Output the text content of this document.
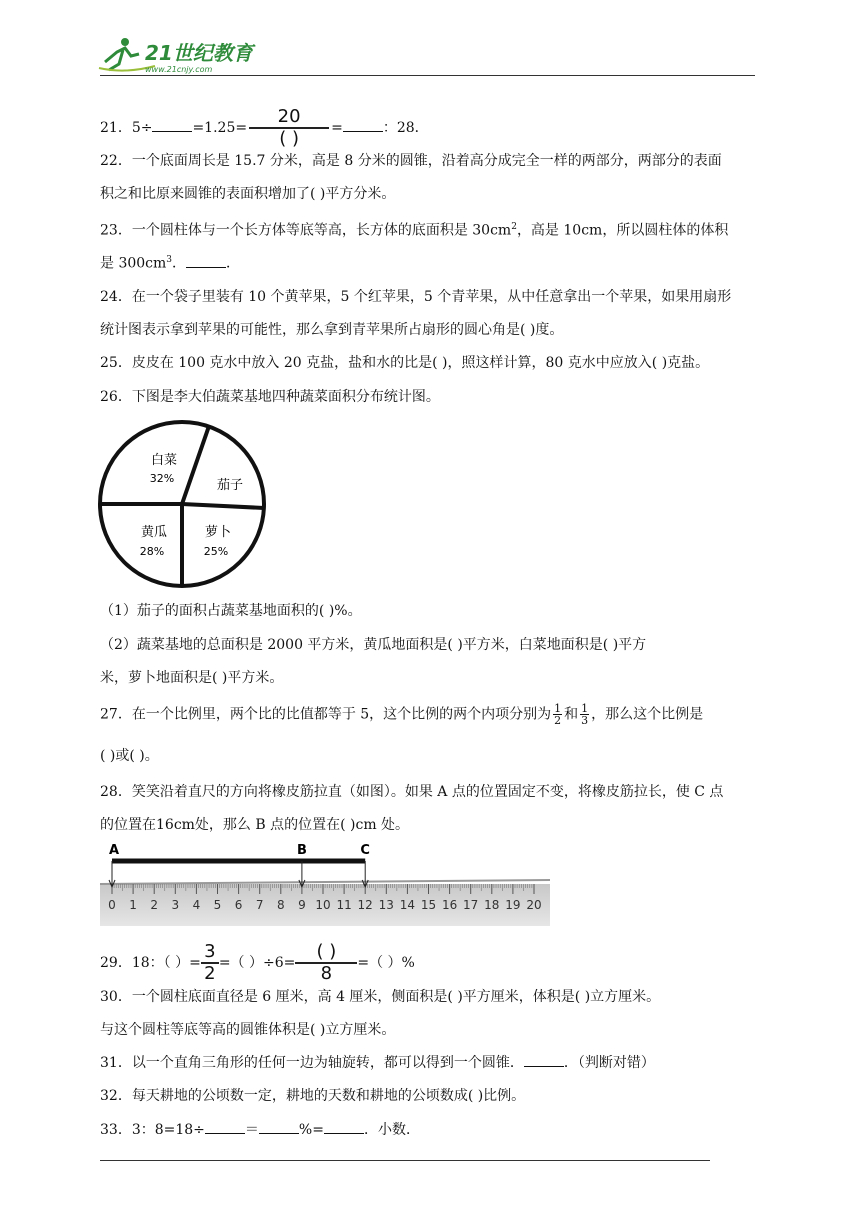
21世纪教育
www.21cnjy.com
21．5÷	$=1.25= \frac{20}{( )}$ =	：28．
22．一个底面周长是 15.7 分米，高是 8 分米的圆锥，沿着高分成完全一样的两部分，两部分的表面
积之和比原来圆锥的表面积增加了( )平方分米。
23．一个圆柱体与一个长方体等底等高，长方体的底面积是 $30cm^2$，高是 10cm，所以圆柱体的体积
是 $300cm^3$．	．
24．在一个袋子里装有 10 个黄苹果，5 个红苹果，5 个青苹果，从中任意拿出一个苹果，如果用扇形
统计图表示拿到苹果的可能性，那么拿到青苹果所占扇形的圆心角是( )度。
25．皮皮在 100 克水中放入 20 克盐，盐和水的比是( )，照这样计算，80 克水中应放入( )克盐。
26．下图是李大伯蔬菜基地四种蔬菜面积分布统计图。
白菜
32%	茄子
萝卜
25%
黄瓜
28%
（1）茄子的面积占蔬菜基地面积的( )%。
（2）蔬菜基地的总面积是 2000 平方米，黄瓜地面积是( )平方米，白菜地面积是( )平方
米，萝卜地面积是( )平方米。
27．在一个比例里，两个比的比值都等于 5，这个比例的两个内项分别为 $\frac{1}{2}$ 和 $\frac{1}{3}$ ，那么这个比例是
( )或( )。
28．笑笑沿着直尺的方向将橡皮筋拉直（如图）。如果 A 点的位置固定不变，将橡皮筋拉长，使 C 点
的位置在16cm处，那么 B 点的位置在( )cm 处。
0 1 2 3 4 5 6 7 8 9 10 11 12 13 14 15 16 17 18 19 20
A	B	C
29．18：（ ）= $\frac{3}{2}$ =（ ）$\div 6= \frac{( )}{8}$ =（ ）%
30．一个圆柱底面直径是 6 厘米，高 4 厘米，侧面积是( )平方厘米，体积是( )立方厘米。
与这个圆柱等底等高的圆锥体积是( )立方厘米。
31．以一个直角三角形的任何一边为轴旋转，都可以得到一个圆锥．	．（判断对错）
32．每天耕地的公顷数一定，耕地的天数和耕地的公顷数成( )比例。
33．3：8=18÷	＝	%=	．小数．
